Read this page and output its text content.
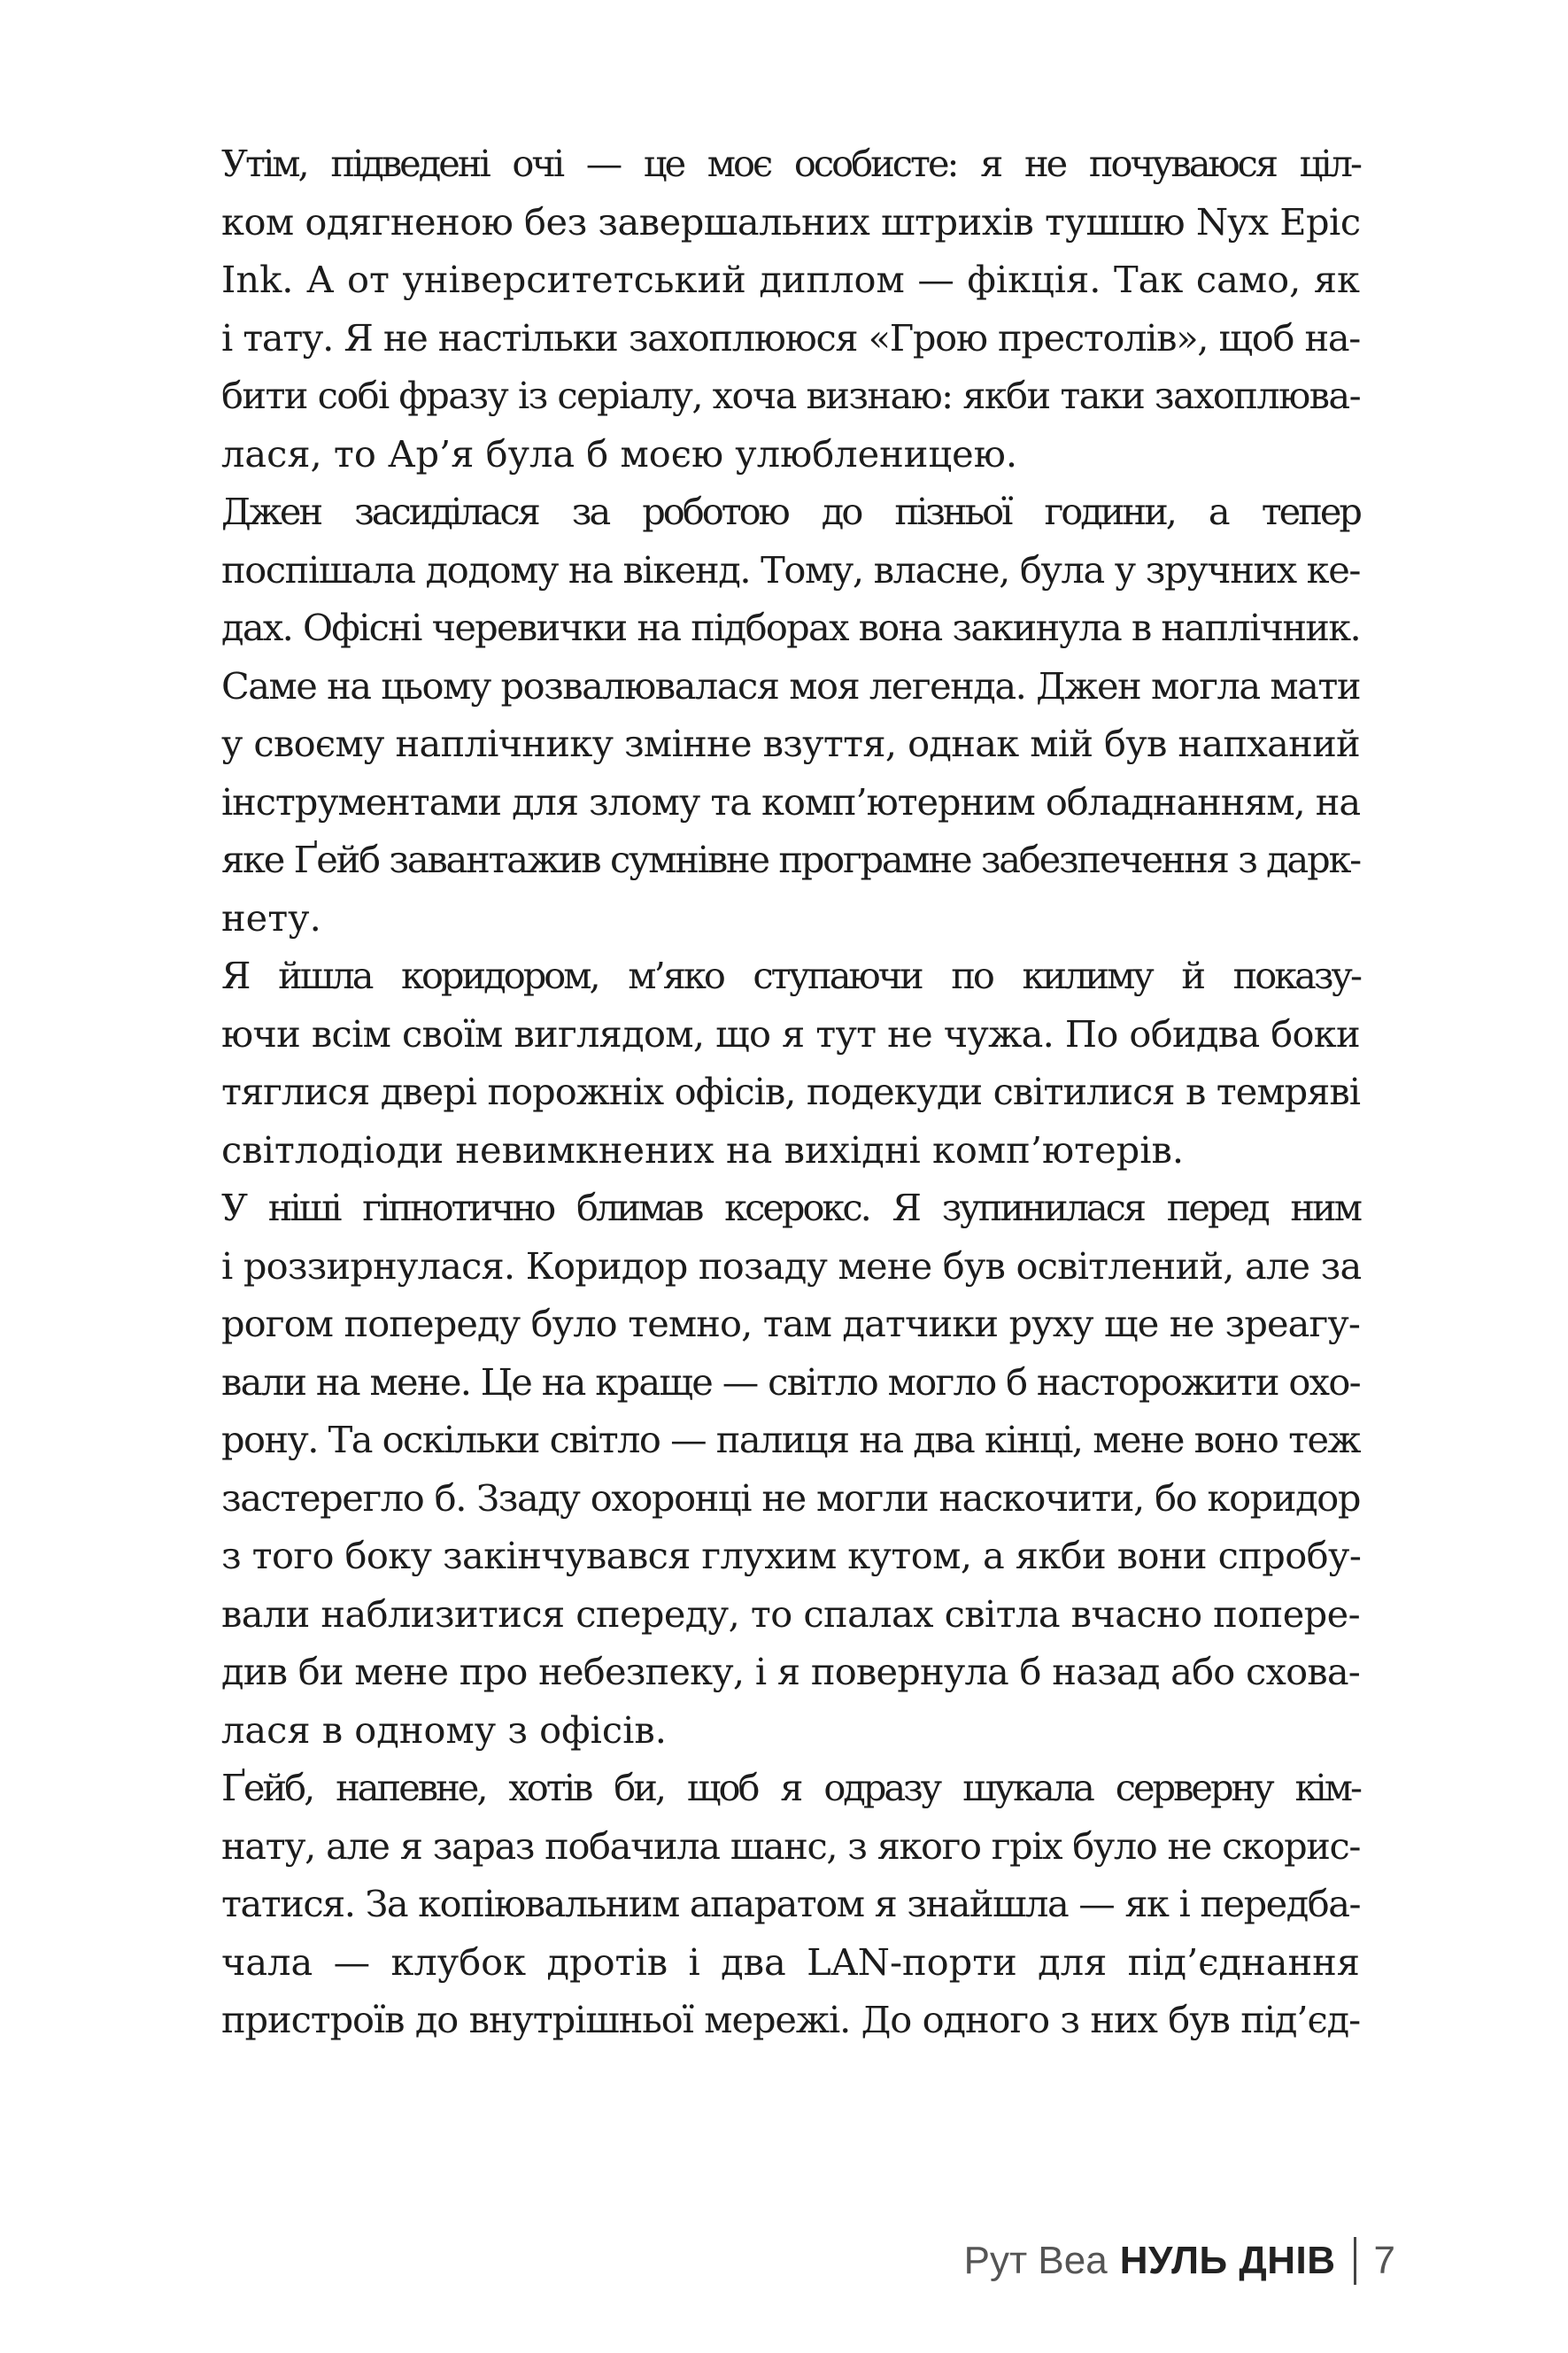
Утім, підведені очі — це моє особисте: я не почуваюся ціл-
ком одягненою без завершальних штрихів тушшю Nyx Epic
Ink. А от університетський диплом — фікція. Так само, як
і тату. Я не настільки захоплююся «Грою престолів», щоб на-
бити собі фразу із серіалу, хоча визнаю: якби таки захоплюва-
лася, то Ар’я була б моєю улюбленицею.

Джен засиділася за роботою до пізньої години, а тепер
поспішала додому на вікенд. Тому, власне, була у зручних ке-
дах. Офісні черевички на підборах вона закинула в наплічник.
Саме на цьому розвалювалася моя легенда. Джен могла мати
у своєму наплічнику змінне взуття, однак мій був напханий
інструментами для злому та комп’ютерним обладнанням, на
яке Ґейб завантажив сумнівне програмне забезпечення з дарк-
нету.

Я йшла коридором, м’яко ступаючи по килиму й показу-
ючи всім своїм виглядом, що я тут не чужа. По обидва боки
тяглися двері порожніх офісів, подекуди світилися в темряві
світлодіоди невимкнених на вихідні комп’ютерів.

У ніші гіпнотично блимав ксерокс. Я зупинилася перед ним
і роззирнулася. Коридор позаду мене був освітлений, але за
рогом попереду було темно, там датчики руху ще не зреагу-
вали на мене. Це на краще — світло могло б насторожити охо-
рону. Та оскільки світло — палиця на два кінці, мене воно теж
застерегло б. Ззаду охоронці не могли наскочити, бо коридор
з того боку закінчувався глухим кутом, а якби вони спробу-
вали наблизитися спереду, то спалах світла вчасно попере-
див би мене про небезпеку, і я повернула б назад або схова-
лася в одному з офісів.

Ґейб, напевне, хотів би, щоб я одразу шукала серверну кім-
нату, але я зараз побачила шанс, з якого гріх було не скорис-
татися. За копіювальним апаратом я знайшла — як і передба-
чала — клубок дротів і два LAN-порти для під’єднання
пристроїв до внутрішньої мережі. До одного з них був під’єд-

Рут Веа НУЛЬ ДНІВ 7
